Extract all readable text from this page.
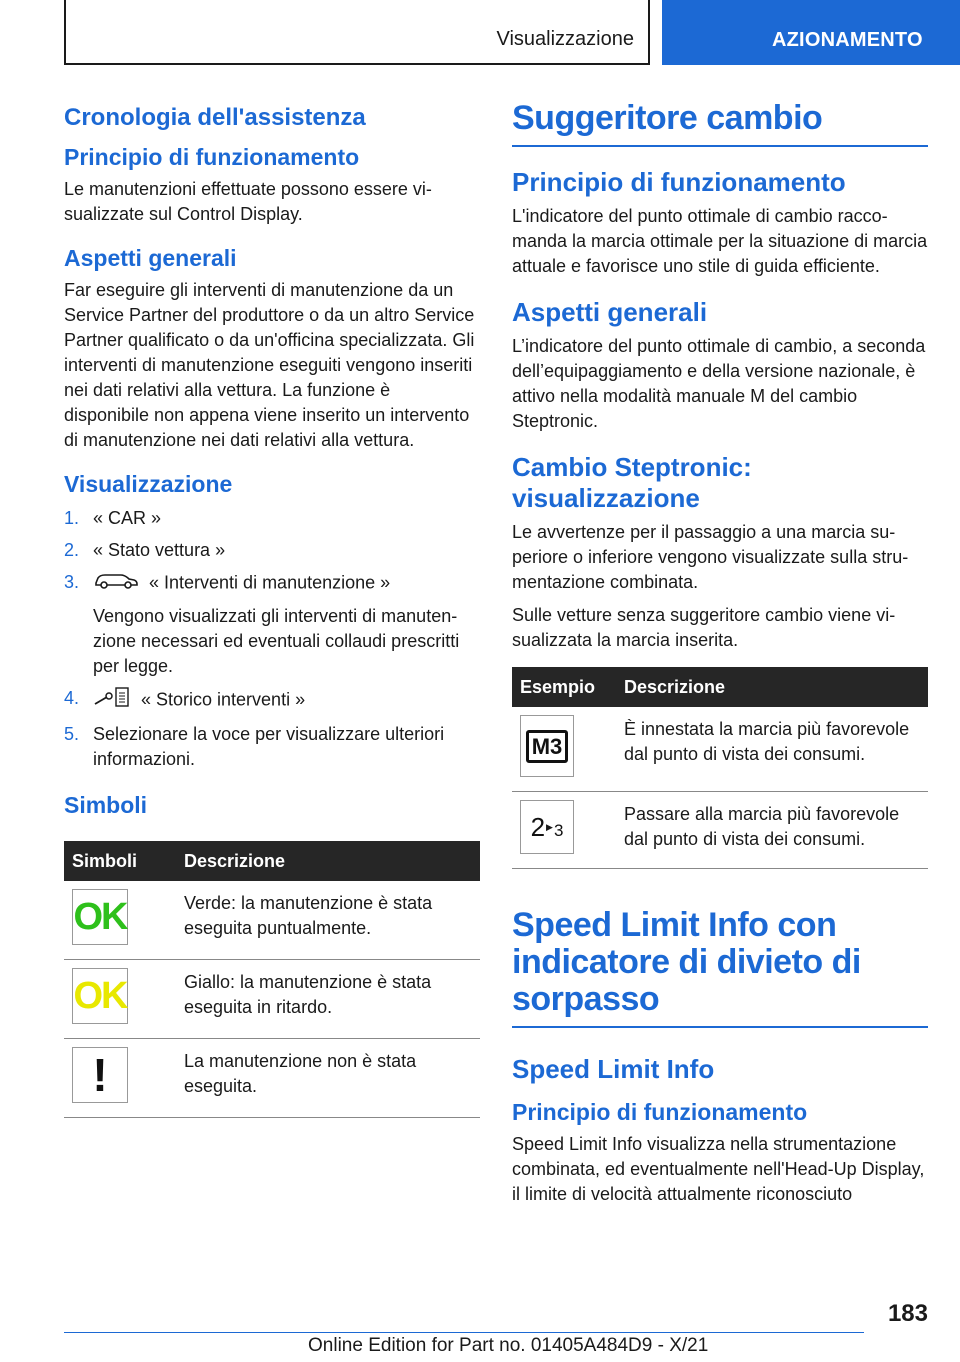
Visualizzazione	AZIONAMENTO
Cronologia dell'assistenza
Principio di funzionamento

Le manutenzioni effettuate possono essere visualizzate sul Control Display.

Aspetti generali

Far eseguire gli interventi di manutenzione da un Service Partner del produttore o da un altro Service Partner qualificato o da un'officina specializzata. Gli interventi di manutenzione eseguiti vengono inseriti nei dati relativi alla vettura. La funzione è disponibile non appena viene inserito un intervento di manutenzione nei dati relativi alla vettura.

Visualizzazione
1. « CAR »
2. « Stato vettura »
3.	« Interventi di manutenzione »
Vengono visualizzati gli interventi di manutenzione necessari ed eventuali collaudi prescritti per legge.
4.	« Storico interventi »
5. Selezionare la voce per visualizzare ulteriori informazioni.
Simboli
Simboli	Descrizione

OK	Verde: la manutenzione è stata eseguita puntualmente.

OK	Giallo: la manutenzione è stata eseguita in ritardo.

!	La manutenzione non è stata eseguita.
Suggeritore cambio
Principio di funzionamento

L'indicatore del punto ottimale di cambio raccomanda la marcia ottimale per la situazione di marcia attuale e favorisce uno stile di guida efficiente.

Aspetti generali

L’indicatore del punto ottimale di cambio, a seconda dell’equipaggiamento e della versione nazionale, è attivo nella modalità manuale M del cambio Steptronic.

Cambio Steptronic: visualizzazione

Le avvertenze per il passaggio a una marcia superiore o inferiore vengono visualizzate sulla strumentazione combinata.

Sulle vetture senza suggeritore cambio viene visualizzata la marcia inserita.

Esempio	Descrizione

M3	È innestata la marcia più favorevole dal punto di vista dei consumi.

2 ▶ 3	Passare alla marcia più favorevole dal punto di vista dei consumi.
Speed Limit Info con indicatore di divieto di sorpasso
Speed Limit Info
Principio di funzionamento

Speed Limit Info visualizza nella strumentazione combinata, ed eventualmente nell'Head-Up Display, il limite di velocità attualmente riconosciuto

183
Online Edition for Part no. 01405A484D9 - X/21
